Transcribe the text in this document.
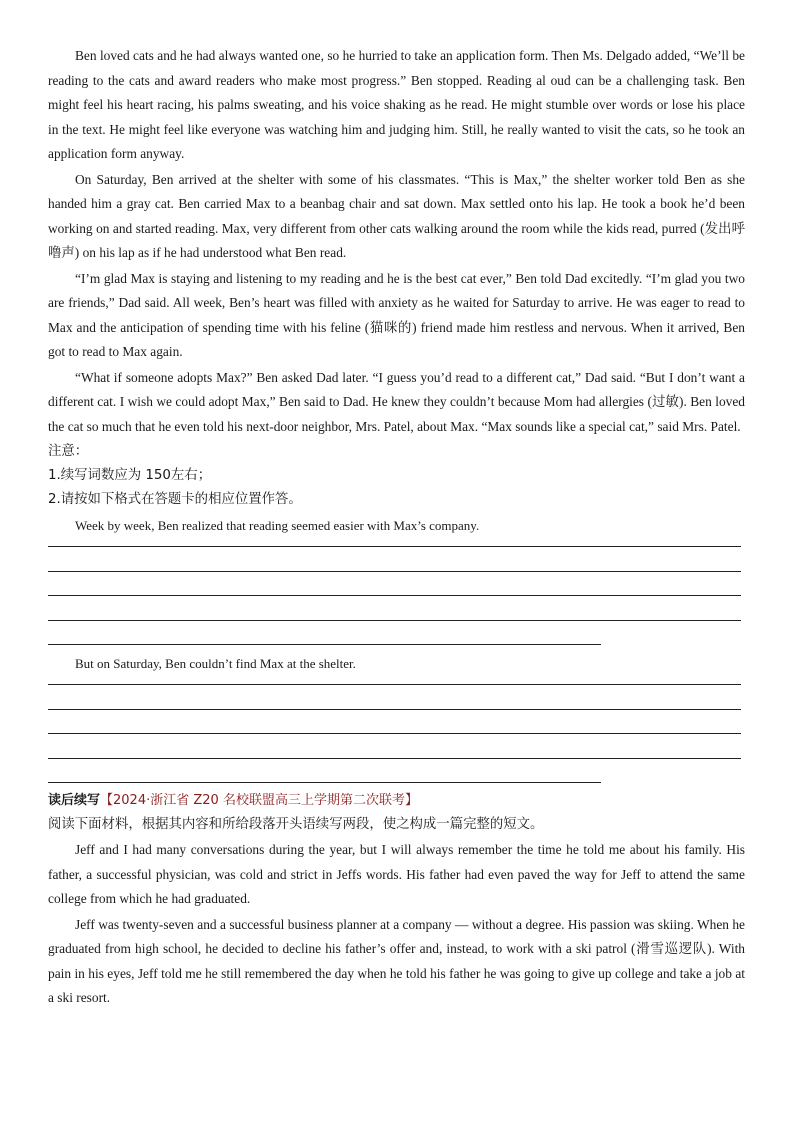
Ben loved cats and he had always wanted one, so he hurried to take an application form. Then Ms. Delgado added, “We’ll be reading to the cats and award readers who make most progress.” Ben stopped. Reading al oud can be a challenging task. Ben might feel his heart racing, his palms sweating, and his voice shaking as he read. He might stumble over words or lose his place in the text. He might feel like everyone was watching him and judging him. Still, he really wanted to visit the cats, so he took an application form anyway.

On Saturday, Ben arrived at the shelter with some of his classmates. “This is Max,” the shelter worker told Ben as she handed him a gray cat. Ben carried Max to a beanbag chair and sat down. Max settled onto his lap. He took a book he’d been working on and started reading. Max, very different from other cats walking around the room while the kids read, purred (发出呼噜声) on his lap as if he had understood what Ben read.

“I’m glad Max is staying and listening to my reading and he is the best cat ever,” Ben told Dad excitedly. “I’m glad you two are friends,” Dad said. All week, Ben’s heart was filled with anxiety as he waited for Saturday to arrive. He was eager to read to Max and the anticipation of spending time with his feline (猫咪的) friend made him restless and nervous. When it arrived, Ben got to read to Max again.

“What if someone adopts Max?” Ben asked Dad later. “I guess you’d read to a different cat,” Dad said. “But I don’t want a different cat. I wish we could adopt Max,” Ben said to Dad. He knew they couldn’t because Mom had allergies (过敏). Ben loved the cat so much that he even told his next-door neighbor, Mrs. Patel, about Max. “Max sounds like a special cat,” said Mrs. Patel.

注意：

1.续写词数应为 150左右；

2.请按如下格式在答题卡的相应位置作答。

Week by week, Ben realized that reading seemed easier with Max’s company.

But on Saturday, Ben couldn’t find Max at the shelter.

读后续写【2024·浙江省 Z20 名校联盟高三上学期第二次联考】

阅读下面材料，根据其内容和所给段落开头语续写两段，使之构成一篇完整的短文。

Jeff and I had many conversations during the year, but I will always remember the time he told me about his family. His father, a successful physician, was cold and strict in Jeffs words. His father had even paved the way for Jeff to attend the same college from which he had graduated.

Jeff was twenty-seven and a successful business planner at a company — without a degree. His passion was skiing. When he graduated from high school, he decided to decline his father’s offer and, instead, to work with a ski patrol (滑雪巡逻队). With pain in his eyes, Jeff told me he still remembered the day when he told his father he was going to give up college and take a job at a ski resort.
